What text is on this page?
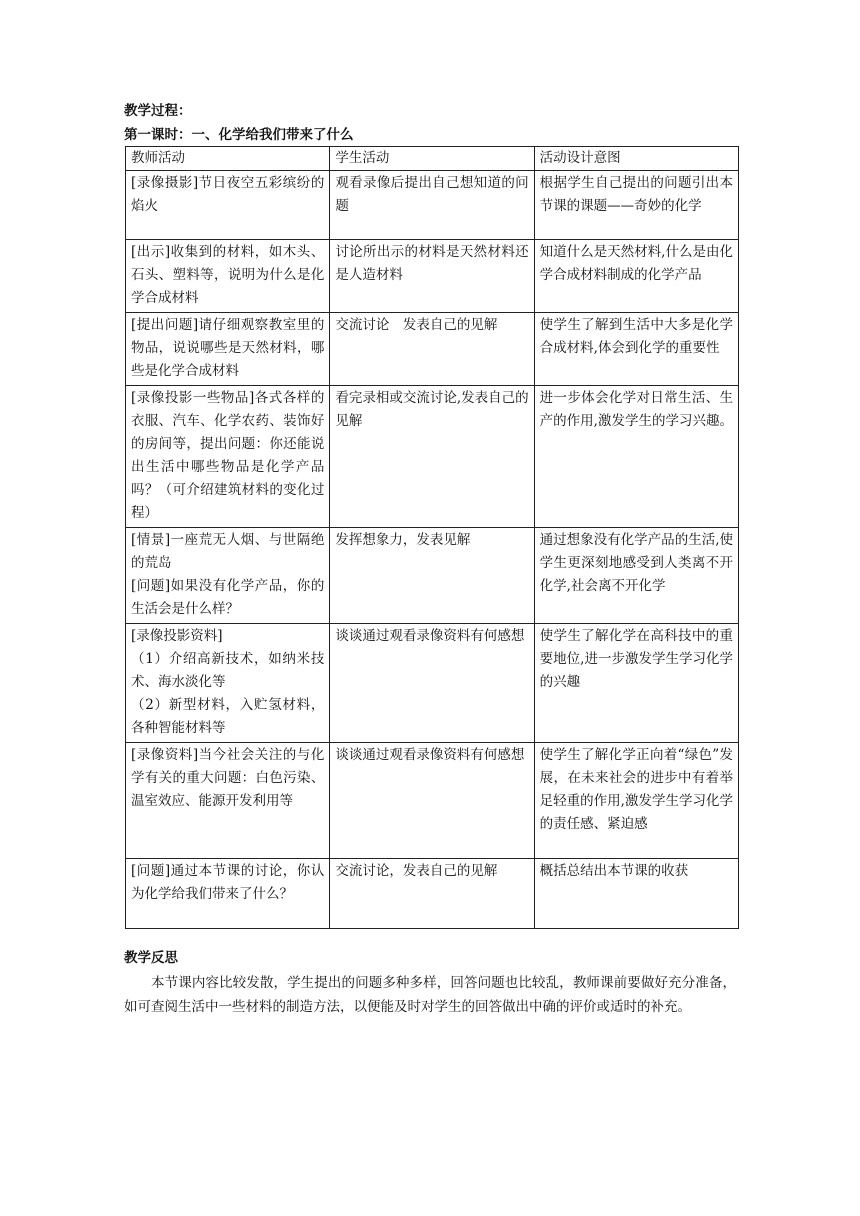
教学过程：
第一课时：一、化学给我们带来了什么
教师活动	学生活动	活动设计意图
[录像摄影]节日夜空五彩缤纷的焰火	观看录像后提出自己想知道的问题	根据学生自己提出的问题引出本节课的课题——奇妙的化学
[出示]收集到的材料，如木头、石头、塑料等，说明为什么是化学合成材料	讨论所出示的材料是天然材料还是人造材料	知道什么是天然材料,什么是由化学合成材料制成的化学产品
[提出问题]请仔细观察教室里的物品，说说哪些是天然材料，哪些是化学合成材料	交流讨论　发表自己的见解	使学生了解到生活中大多是化学合成材料,体会到化学的重要性
[录像投影一些物品]各式各样的衣服、汽车、化学农药、装饰好的房间等，提出问题：你还能说出生活中哪些物品是化学产品吗？（可介绍建筑材料的变化过程）	看完录相或交流讨论,发表自己的见解	进一步体会化学对日常生活、生产的作用,激发学生的学习兴趣。

[情景]一座荒无人烟、与世隔绝的荒岛
[问题]如果没有化学产品，你的生活会是什么样？	发挥想象力，发表见解	通过想象没有化学产品的生活,使学生更深刻地感受到人类离不开化学,社会离不开化学

[录像投影资料]
（1）介绍高新技术，如纳米技术、海水淡化等
（2）新型材料，入贮氢材料，各种智能材料等	谈谈通过观看录像资料有何感想	使学生了解化学在高科技中的重要地位,进一步激发学生学习化学的兴趣
[录像资料]当今社会关注的与化学有关的重大问题：白色污染、温室效应、能源开发利用等	谈谈通过观看录像资料有何感想	使学生了解化学正向着“绿色”发展，在未来社会的进步中有着举足轻重的作用,激发学生学习化学的责任感、紧迫感
[问题]通过本节课的讨论，你认为化学给我们带来了什么？	交流讨论，发表自己的见解	概括总结出本节课的收获
教学反思
本节课内容比较发散，学生提出的问题多种多样，回答问题也比较乱，教师课前要做好充分准备，如可查阅生活中一些材料的制造方法，以便能及时对学生的回答做出中确的评价或适时的补充。
